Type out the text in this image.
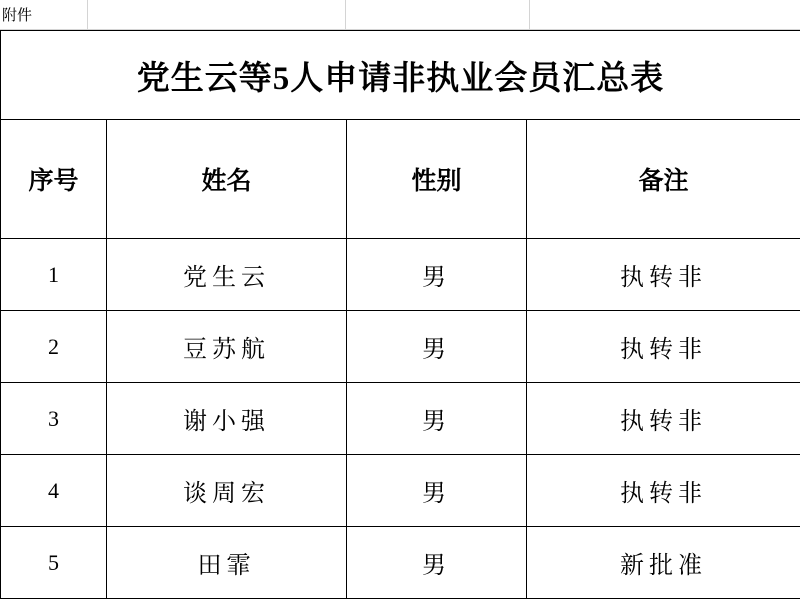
附件
党生云等5人申请非执业会员汇总表			
序号	姓名	性别	备注
1	党生云	男	执转非
2	豆苏航	男	执转非
3	谢小强	男	执转非
4	谈周宏	男	执转非
5	田霏	男	新批准
